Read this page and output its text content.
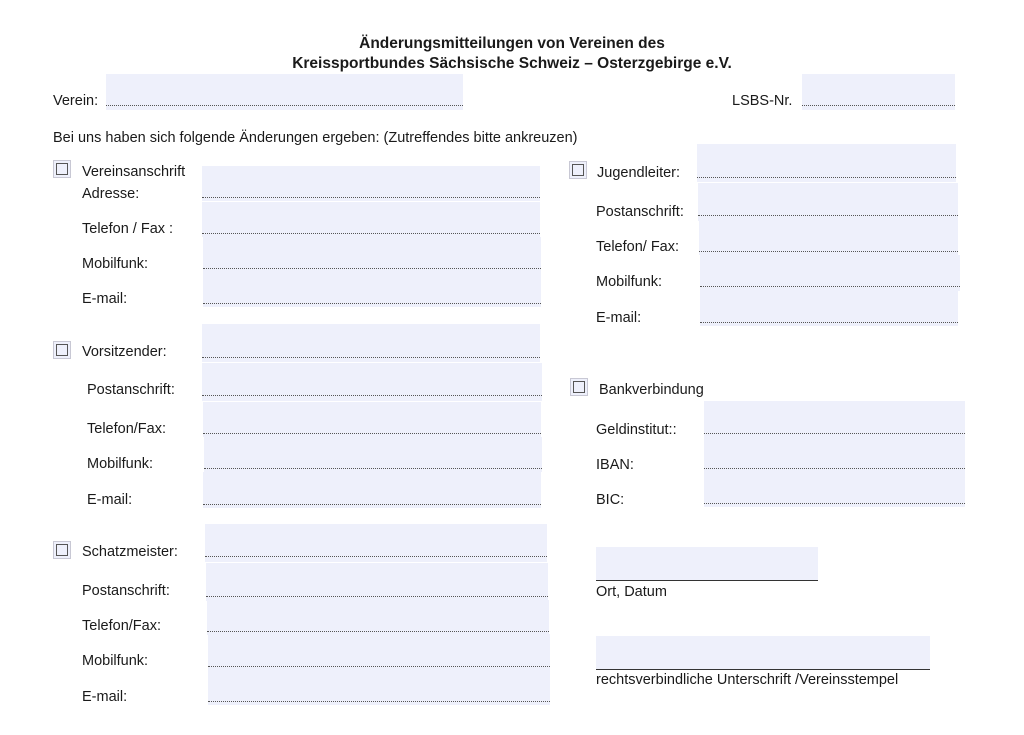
Änderungsmitteilungen von Vereinen des
Kreissportbundes Sächsische Schweiz – Osterzgebirge e.V.
Verein:	LSBS-Nr.
Bei uns haben sich folgende Änderungen ergeben: (Zutreffendes bitte ankreuzen)
Vereinsanschrift
Adresse:
Telefon / Fax :
Mobilfunk:
E-mail:
Vorsitzender:
Postanschrift:
Telefon/Fax:
Mobilfunk:
E-mail:
Schatzmeister:
Postanschrift:
Telefon/Fax:
Mobilfunk:
E-mail:
Jugendleiter:
Postanschrift:
Telefon/ Fax:
Mobilfunk:
E-mail:
Bankverbindung
Geldinstitut::
IBAN:
BIC:
Ort, Datum
rechtsverbindliche Unterschrift /Vereinsstempel
